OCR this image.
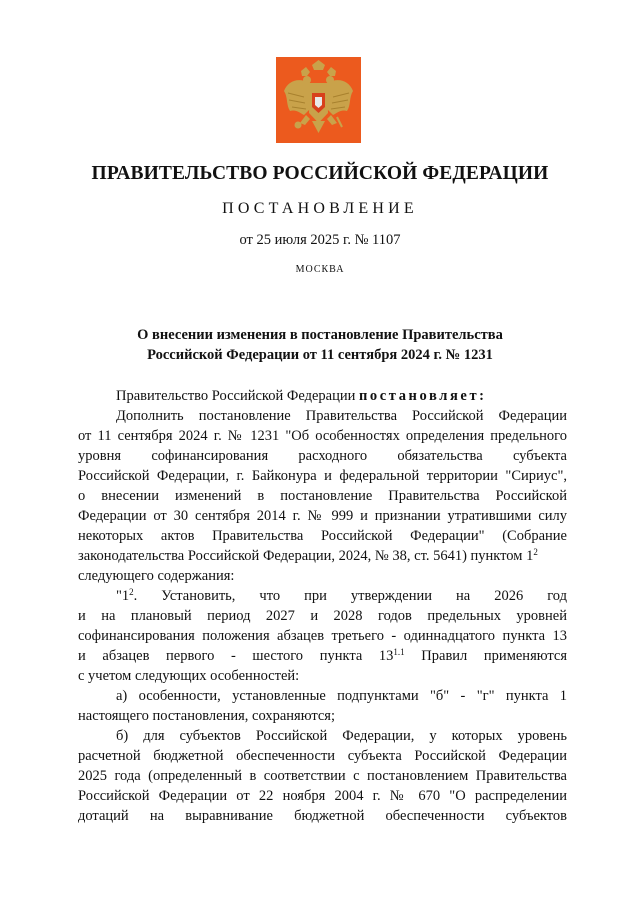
ПРАВИТЕЛЬСТВО РОССИЙСКОЙ ФЕДЕРАЦИИ
ПОСТАНОВЛЕНИЕ
от 25 июля 2025 г. № 1107
МОСКВА
О внесении изменения в постановление Правительства
Российской Федерации от 11 сентября 2024 г. № 1231

Правительство Российской Федерации постановляет:

Дополнить постановление Правительства Российской Федерации
от 11 сентября 2024 г. № 1231 "Об особенностях определения предельного
уровня софинансирования расходного обязательства субъекта
Российской Федерации, г. Байконура и федеральной территории "Сириус",
о внесении изменений в постановление Правительства Российской
Федерации от 30 сентября 2014 г. № 999 и признании утратившими силу
некоторых актов Правительства Российской Федерации" (Собрание
законодательства Российской Федерации, 2024, № 38, ст. 5641) пунктом $1^2$
следующего содержания:

"$1^2$. Установить, что при утверждении на 2026 год
и на плановый период 2027 и 2028 годов предельных уровней
софинансирования положения абзацев третьего - одиннадцатого пункта 13
и абзацев первого - шестого пункта $13^{1.1}$ Правил применяются
с учетом следующих особенностей:

а) особенности, установленные подпунктами "б" - "г" пункта 1
настоящего постановления, сохраняются;

б) для субъектов Российской Федерации, у которых уровень
расчетной бюджетной обеспеченности субъекта Российской Федерации
2025 года (определенный в соответствии с постановлением Правительства
Российской Федерации от 22 ноября 2004 г. № 670 "О распределении
дотаций на выравнивание бюджетной обеспеченности субъектов
